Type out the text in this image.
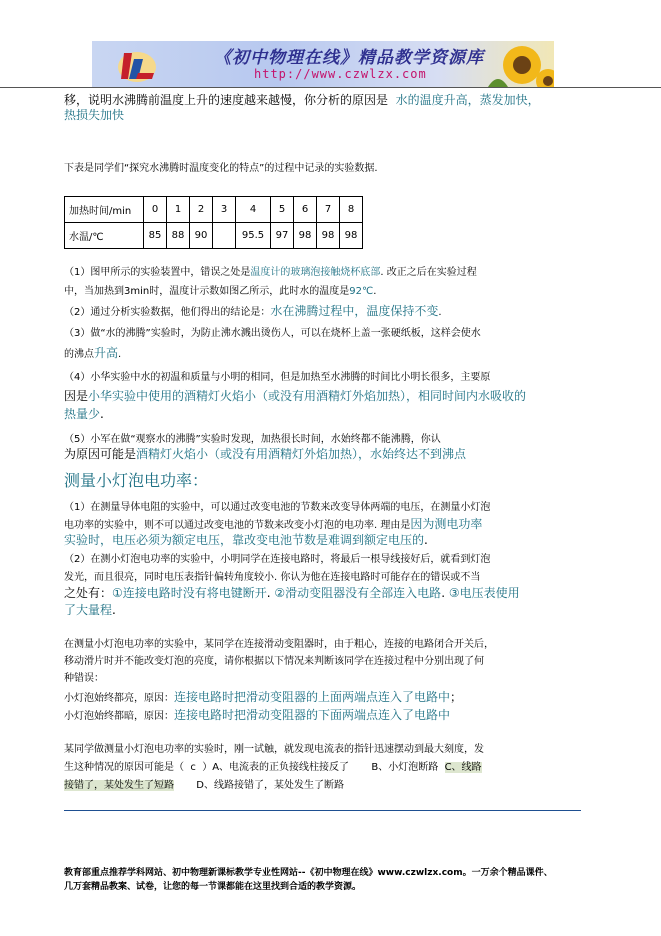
《初中物理在线》精品教学资源库
http://www.czwlzx.com
移，说明水沸腾前温度上升的速度越来越慢，你分析的原因是 水的温度升高，蒸发加快，
热损失加快
下表是同学们“探究水沸腾时温度变化的特点”的过程中记录的实验数据.
加热时间/min	0	1	2	3	4	5	6	7	8
水温/℃	85	88	90		95.5	97	98	98	98
（1）图甲所示的实验装置中，错误之处是温度计的玻璃泡接触烧杯底部. 改正之后在实验过程
中，当加热到3min时，温度计示数如图乙所示，此时水的温度是92℃.
（2）通过分析实验数据，他们得出的结论是：水在沸腾过程中，温度保持不变.
（3）做“水的沸腾”实验时，为防止沸水溅出烫伤人，可以在烧杯上盖一张硬纸板，这样会使水
的沸点升高.
（4）小华实验中水的初温和质量与小明的相同，但是加热至水沸腾的时间比小明长很多，主要原
因是小华实验中使用的酒精灯火焰小（或没有用酒精灯外焰加热），相同时间内水吸收的
热量少.
（5）小军在做“观察水的沸腾”实验时发现，加热很长时间，水始终都不能沸腾，你认
为原因可能是酒精灯火焰小（或没有用酒精灯外焰加热），水始终达不到沸点
测量小灯泡电功率：
（1）在测量导体电阻的实验中，可以通过改变电池的节数来改变导体两端的电压，在测量小灯泡
电功率的实验中，则不可以通过改变电池的节数来改变小灯泡的电功率. 理由是因为测电功率
实验时，电压必须为额定电压，靠改变电池节数是难调到额定电压的.
（2）在测小灯泡电功率的实验中，小明同学在连接电路时，将最后一根导线接好后，就看到灯泡
发光，而且很亮，同时电压表指针偏转角度较小. 你认为他在连接电路时可能存在的错误或不当
之处有：①连接电路时没有将电键断开. ②滑动变阻器没有全部连入电路. ③电压表使用
了大量程.
在测量小灯泡电功率的实验中，某同学在连接滑动变阻器时，由于粗心，连接的电路闭合开关后，
移动滑片时并不能改变灯泡的亮度，请你根据以下情况来判断该同学在连接过程中分别出现了何
种错误：
小灯泡始终都亮，原因：连接电路时把滑动变阻器的上面两端点连入了电路中；
小灯泡始终都暗，原因：连接电路时把滑动变阻器的下面两端点连入了电路中
某同学做测量小灯泡电功率的实验时，刚一试触，就发现电流表的指针迅速摆动到最大刻度，发
生这种情况的原因可能是（ c ）A、电流表的正负接线柱接反了 B、小灯泡断路 C、线路
接错了，某处发生了短路 D、线路接错了，某处发生了断路
教育部重点推荐学科网站、初中物理新课标教学专业性网站--《初中物理在线》www.czwlzx.com。一万余个精品课件、
几万套精品教案、试卷，让您的每一节课都能在这里找到合适的教学资源。
